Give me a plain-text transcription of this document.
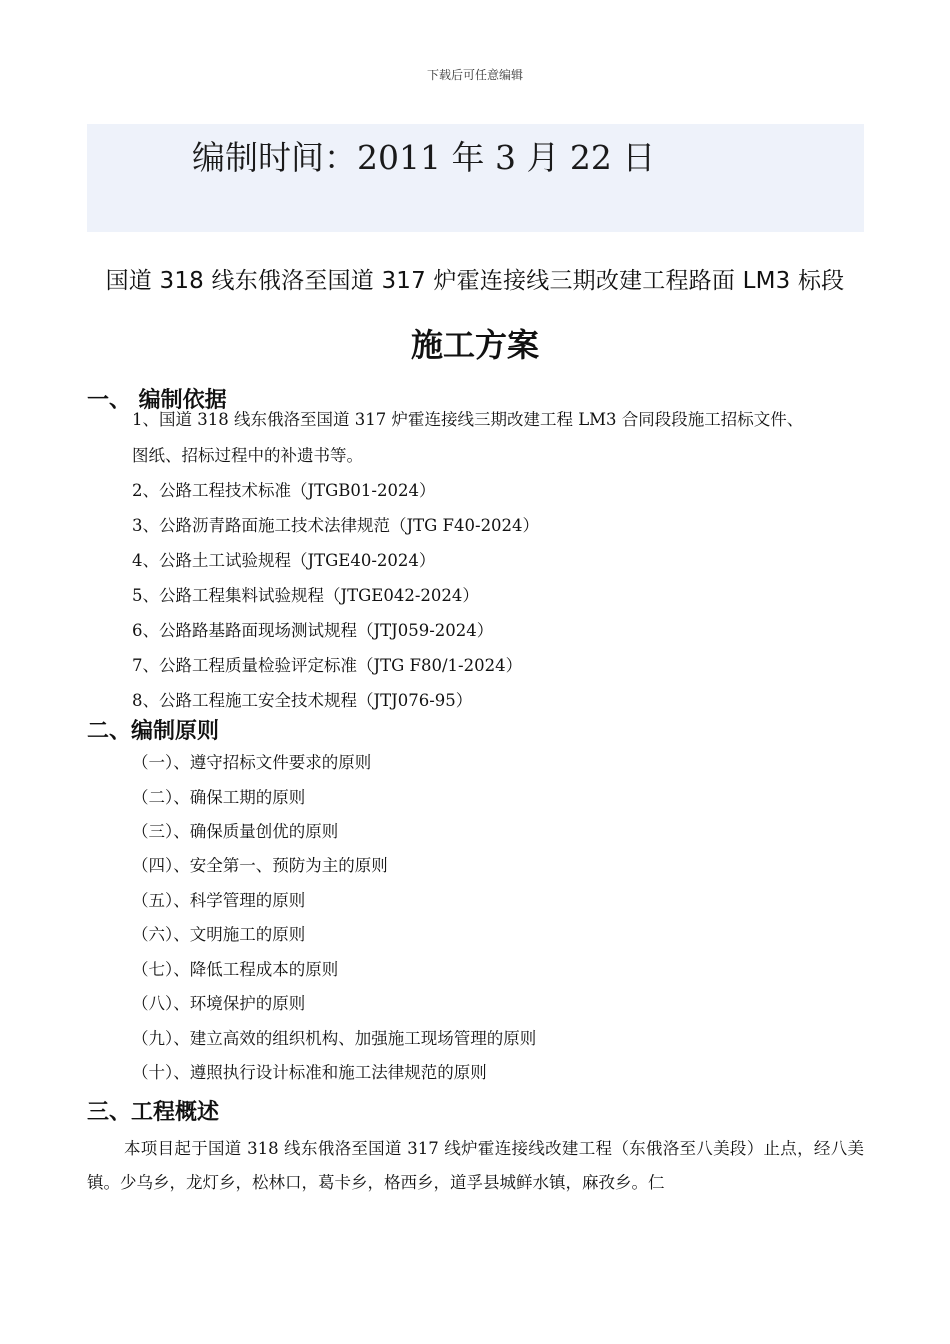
下载后可任意编辑
编制时间：2011 年 3 月 22 日
国道 318 线东俄洛至国道 317 炉霍连接线三期改建工程路面 LM3 标段
施工方案
一、 编制依据
1、国道 318 线东俄洛至国道 317 炉霍连接线三期改建工程 LM3 合同段段施工招标文件、
图纸、招标过程中的补遗书等。
2、公路工程技术标准（JTGB01-2024）
3、公路沥青路面施工技术法律规范（JTG F40-2024）
4、公路土工试验规程（JTGE40-2024）
5、公路工程集料试验规程（JTGE042-2024）
6、公路路基路面现场测试规程（JTJ059-2024）
7、公路工程质量检验评定标准（JTG F80/1-2024）
8、公路工程施工安全技术规程（JTJ076-95）
二、编制原则
（一）、遵守招标文件要求的原则
（二）、确保工期的原则
（三）、确保质量创优的原则
（四）、安全第一、预防为主的原则
（五）、科学管理的原则
（六）、文明施工的原则
（七）、降低工程成本的原则
（八）、环境保护的原则
（九）、建立高效的组织机构、加强施工现场管理的原则
（十）、遵照执行设计标准和施工法律规范的原则
三、工程概述
本项目起于国道 318 线东俄洛至国道 317 线炉霍连接线改建工程（东俄洛至八美段）止点，经八美镇。少乌乡，龙灯乡，松林口，葛卡乡，格西乡，道孚县城鲜水镇，麻孜乡。仁
